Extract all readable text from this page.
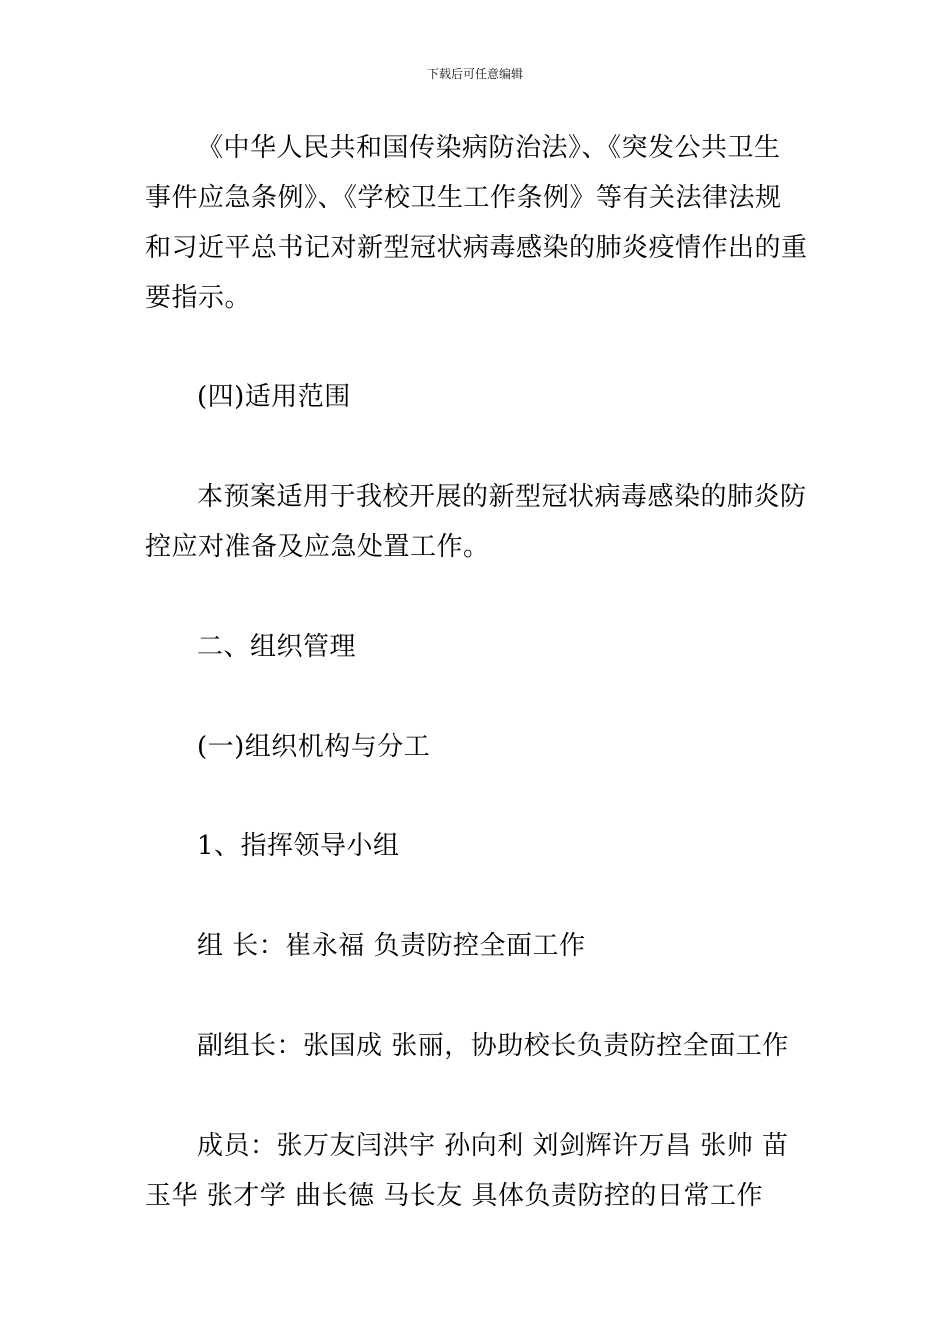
下载后可任意编辑
《中华人民共和国传染病防治法》、《突发公共卫生
事件应急条例》、《学校卫生工作条例》等有关法律法规
和习近平总书记对新型冠状病毒感染的肺炎疫情作出的重
要指示。
(四)适用范围
本预案适用于我校开展的新型冠状病毒感染的肺炎防
控应对准备及应急处置工作。
二、组织管理
(一)组织机构与分工
1、指挥领导小组
组 长：崔永福 负责防控全面工作
副组长：张国成 张丽，协助校长负责防控全面工作
成员：张万友闫洪宇 孙向利 刘剑辉许万昌 张帅 苗
玉华 张才学 曲长德 马长友 具体负责防控的日常工作
